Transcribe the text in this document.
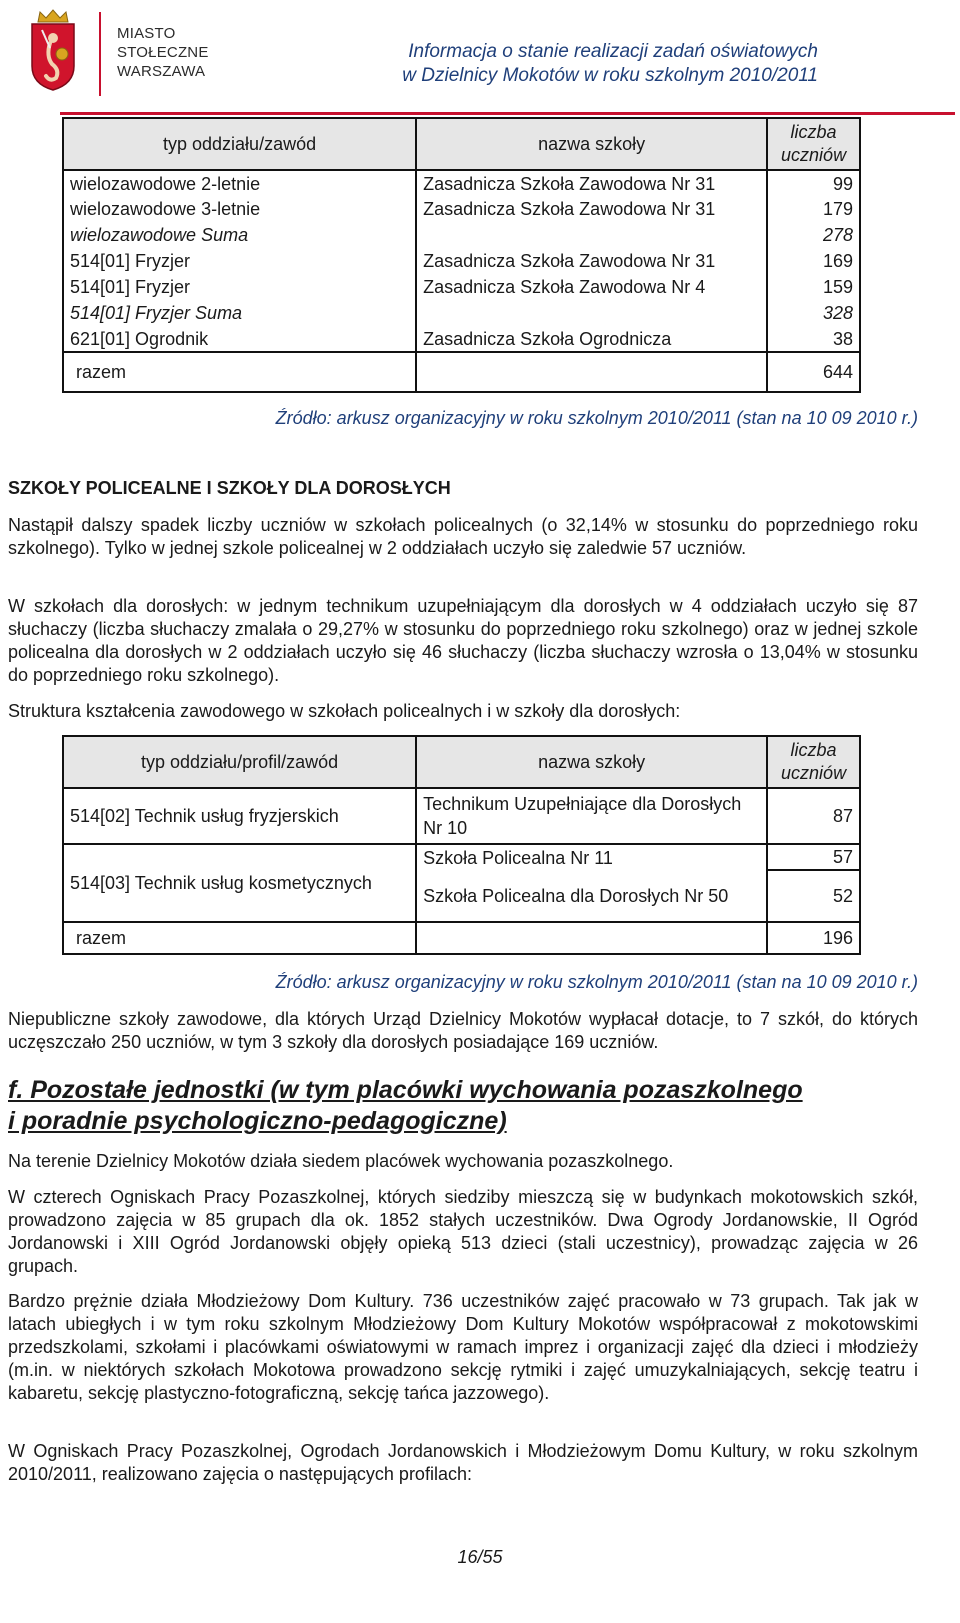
MIASTO
STOŁECZNE
WARSZAWA
Informacja o stanie realizacji zadań oświatowych
w Dzielnicy Mokotów w roku szkolnym 2010/2011
typ oddziału/zawód	nazwa szkoły	liczba uczniów
wielozawodowe 2-letnie	Zasadnicza Szkoła Zawodowa Nr 31	99
wielozawodowe 3-letnie	Zasadnicza Szkoła Zawodowa Nr 31	179
wielozawodowe Suma		278
514[01] Fryzjer	Zasadnicza Szkoła Zawodowa Nr 31	169
514[01] Fryzjer	Zasadnicza Szkoła Zawodowa Nr 4	159
514[01] Fryzjer Suma		328
621[01] Ogrodnik	Zasadnicza Szkoła Ogrodnicza	38
razem		644
Źródło: arkusz organizacyjny w roku szkolnym 2010/2011 (stan na 10 09 2010 r.)
SZKOŁY POLICEALNE I SZKOŁY DLA DOROSŁYCH
Nastąpił dalszy spadek liczby uczniów w szkołach policealnych (o 32,14% w stosunku do poprzedniego roku szkolnego). Tylko w jednej szkole policealnej w 2 oddziałach uczyło się zaledwie 57 uczniów.
W szkołach dla dorosłych: w jednym technikum uzupełniającym dla dorosłych w 4 oddziałach uczyło się 87 słuchaczy (liczba słuchaczy zmalała o 29,27% w stosunku do poprzedniego roku szkolnego) oraz w jednej szkole policealna dla dorosłych w 2 oddziałach uczyło się 46 słuchaczy (liczba słuchaczy wzrosła o 13,04% w stosunku do poprzedniego roku szkolnego).
Struktura kształcenia zawodowego w szkołach policealnych i w szkoły dla dorosłych:
typ oddziału/profil/zawód	nazwa szkoły	liczba uczniów
514[02] Technik usług fryzjerskich	Technikum Uzupełniające dla Dorosłych Nr 10	87
514[03] Technik usług kosmetycznych	Szkoła Policealna Nr 11	57
	Szkoła Policealna dla Dorosłych Nr 50	52
razem		196
Źródło: arkusz organizacyjny w roku szkolnym 2010/2011 (stan na 10 09 2010 r.)
Niepubliczne szkoły zawodowe, dla których Urząd Dzielnicy Mokotów wypłacał dotacje, to 7 szkół, do których uczęszczało 250 uczniów, w tym 3 szkoły dla dorosłych posiadające 169 uczniów.
f. Pozostałe jednostki (w tym placówki wychowania pozaszkolnego
i poradnie psychologiczno-pedagogiczne)
Na terenie Dzielnicy Mokotów działa siedem placówek wychowania pozaszkolnego.
W czterech Ogniskach Pracy Pozaszkolnej, których siedziby mieszczą się w budynkach mokotowskich szkół, prowadzono zajęcia w 85 grupach dla ok. 1852 stałych uczestników. Dwa Ogrody Jordanowskie, II Ogród Jordanowski i XIII Ogród Jordanowski objęły opieką 513 dzieci (stali uczestnicy), prowadząc zajęcia w 26 grupach.
Bardzo prężnie działa Młodzieżowy Dom Kultury. 736 uczestników zajęć pracowało w 73 grupach. Tak jak w latach ubiegłych i w tym roku szkolnym Młodzieżowy Dom Kultury Mokotów współpracował z mokotowskimi przedszkolami, szkołami i placówkami oświatowymi w ramach imprez i organizacji zajęć dla dzieci i młodzieży (m.in. w niektórych szkołach Mokotowa prowadzono sekcję rytmiki i zajęć umuzykalniających, sekcję teatru i kabaretu, sekcję plastyczno-fotograficzną, sekcję tańca jazzowego).
W Ogniskach Pracy Pozaszkolnej, Ogrodach Jordanowskich i Młodzieżowym Domu Kultury, w roku szkolnym 2010/2011, realizowano zajęcia o następujących profilach:
16/55
